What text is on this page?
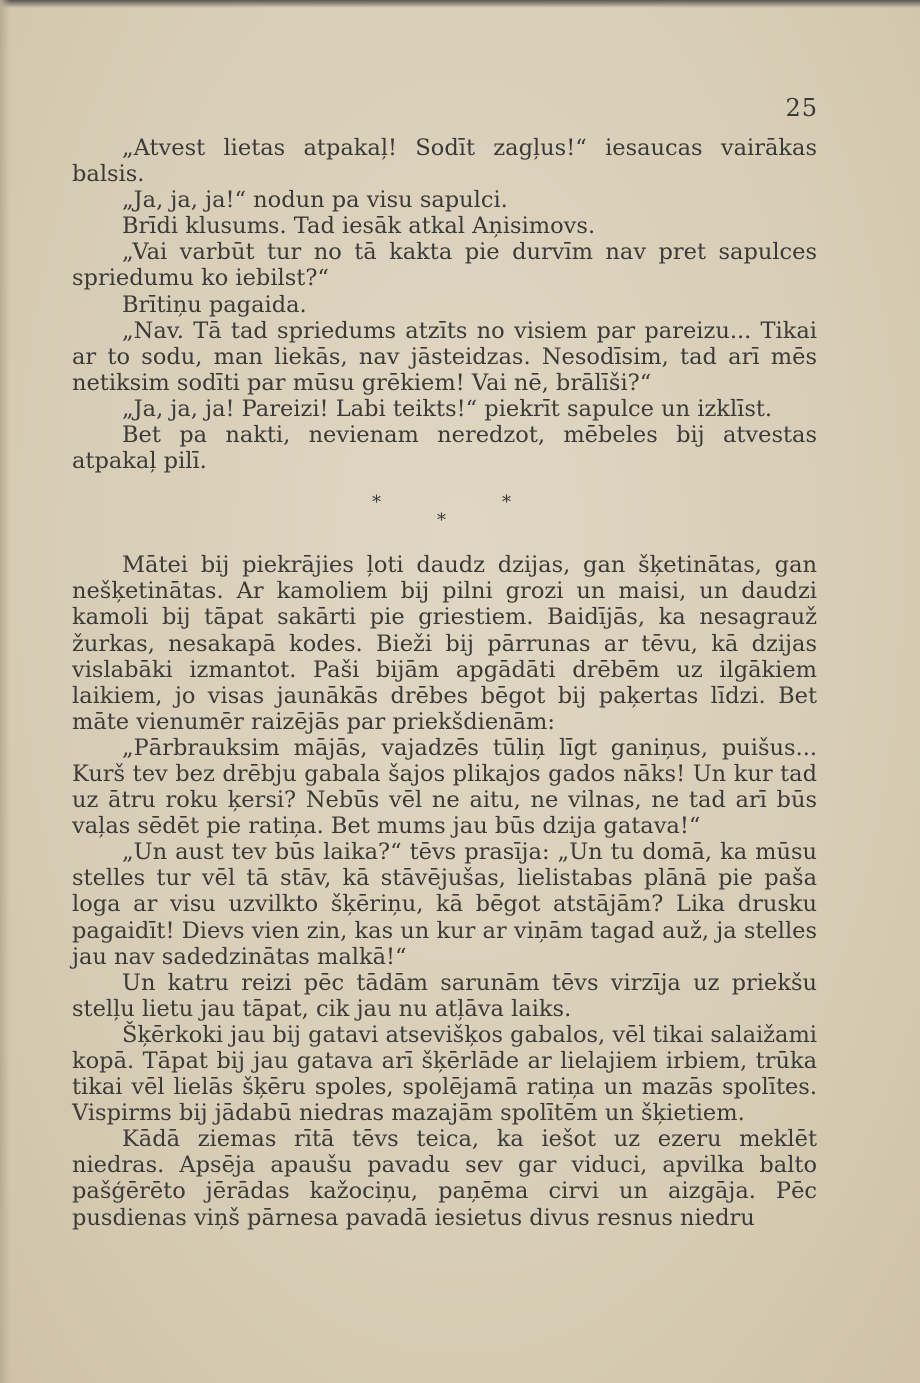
25

„Atvest lietas atpakaļ! Sodīt zagļus!“ iesaucas vairākas balsis.

„Ja, ja, ja!“ nodun pa visu sapulci.

Brīdi klusums. Tad iesāk atkal Aņisimovs.

„Vai varbūt tur no tā kakta pie durvīm nav pret sapulces spriedumu ko iebilst?“

Brītiņu pagaida.

„Nav. Tā tad spriedums atzīts no visiem par pareizu... Tikai ar to sodu, man liekās, nav jāsteidzas. Nesodīsim, tad arī mēs netiksim sodīti par mūsu grēkiem! Vai nē, brālīši?“

„Ja, ja, ja! Pareizi! Labi teikts!“ piekrīt sapulce un izklīst.

Bet pa nakti, nevienam neredzot, mēbeles bij atvestas atpakaļ pilī.

*	*
*

Mātei bij piekrājies ļoti daudz dzijas, gan šķetinātas, gan nešķetinātas. Ar kamoliem bij pilni grozi un maisi, un daudzi kamoli bij tāpat sakārti pie griestiem. Baidījās, ka nesagrauž žurkas, nesakapā kodes. Bieži bij pārrunas ar tēvu, kā dzijas vislabāki izmantot. Paši bijām apgādāti drēbēm uz ilgākiem laikiem, jo visas jaunākās drēbes bēgot bij paķertas līdzi. Bet māte vienumēr raizējās par priekšdienām:

„Pārbrauksim mājās, vajadzēs tūliņ līgt ganiņus, puišus... Kurš tev bez drēbju gabala šajos plikajos gados nāks! Un kur tad uz ātru roku ķersi? Nebūs vēl ne aitu, ne vilnas, ne tad arī būs vaļas sēdēt pie ratiņa. Bet mums jau būs dzija gatava!“

„Un aust tev būs laika?“ tēvs prasīja: „Un tu domā, ka mūsu stelles tur vēl tā stāv, kā stāvējušas, lielistabas plānā pie paša loga ar visu uzvilkto šķēriņu, kā bēgot atstājām? Lika drusku pagaidīt! Dievs vien zin, kas un kur ar viņām tagad auž, ja stelles jau nav sadedzinātas malkā!“

Un katru reizi pēc tādām sarunām tēvs virzīja uz priekšu stelļu lietu jau tāpat, cik jau nu atļāva laiks.

Šķērkoki jau bij gatavi atsevišķos gabalos, vēl tikai salaižami kopā. Tāpat bij jau gatava arī šķērlāde ar lielajiem irbiem, trūka tikai vēl lielās šķēru spoles, spolējamā ratiņa un mazās spolītes. Vispirms bij jādabū niedras mazajām spolītēm un šķietiem.

Kādā ziemas rītā tēvs teica, ka iešot uz ezeru meklēt niedras. Apsēja apaušu pavadu sev gar viduci, apvilka balto pašģērēto jērādas kažociņu, paņēma cirvi un aizgāja. Pēc pusdienas viņš pārnesa pavadā iesietus divus resnus niedru
